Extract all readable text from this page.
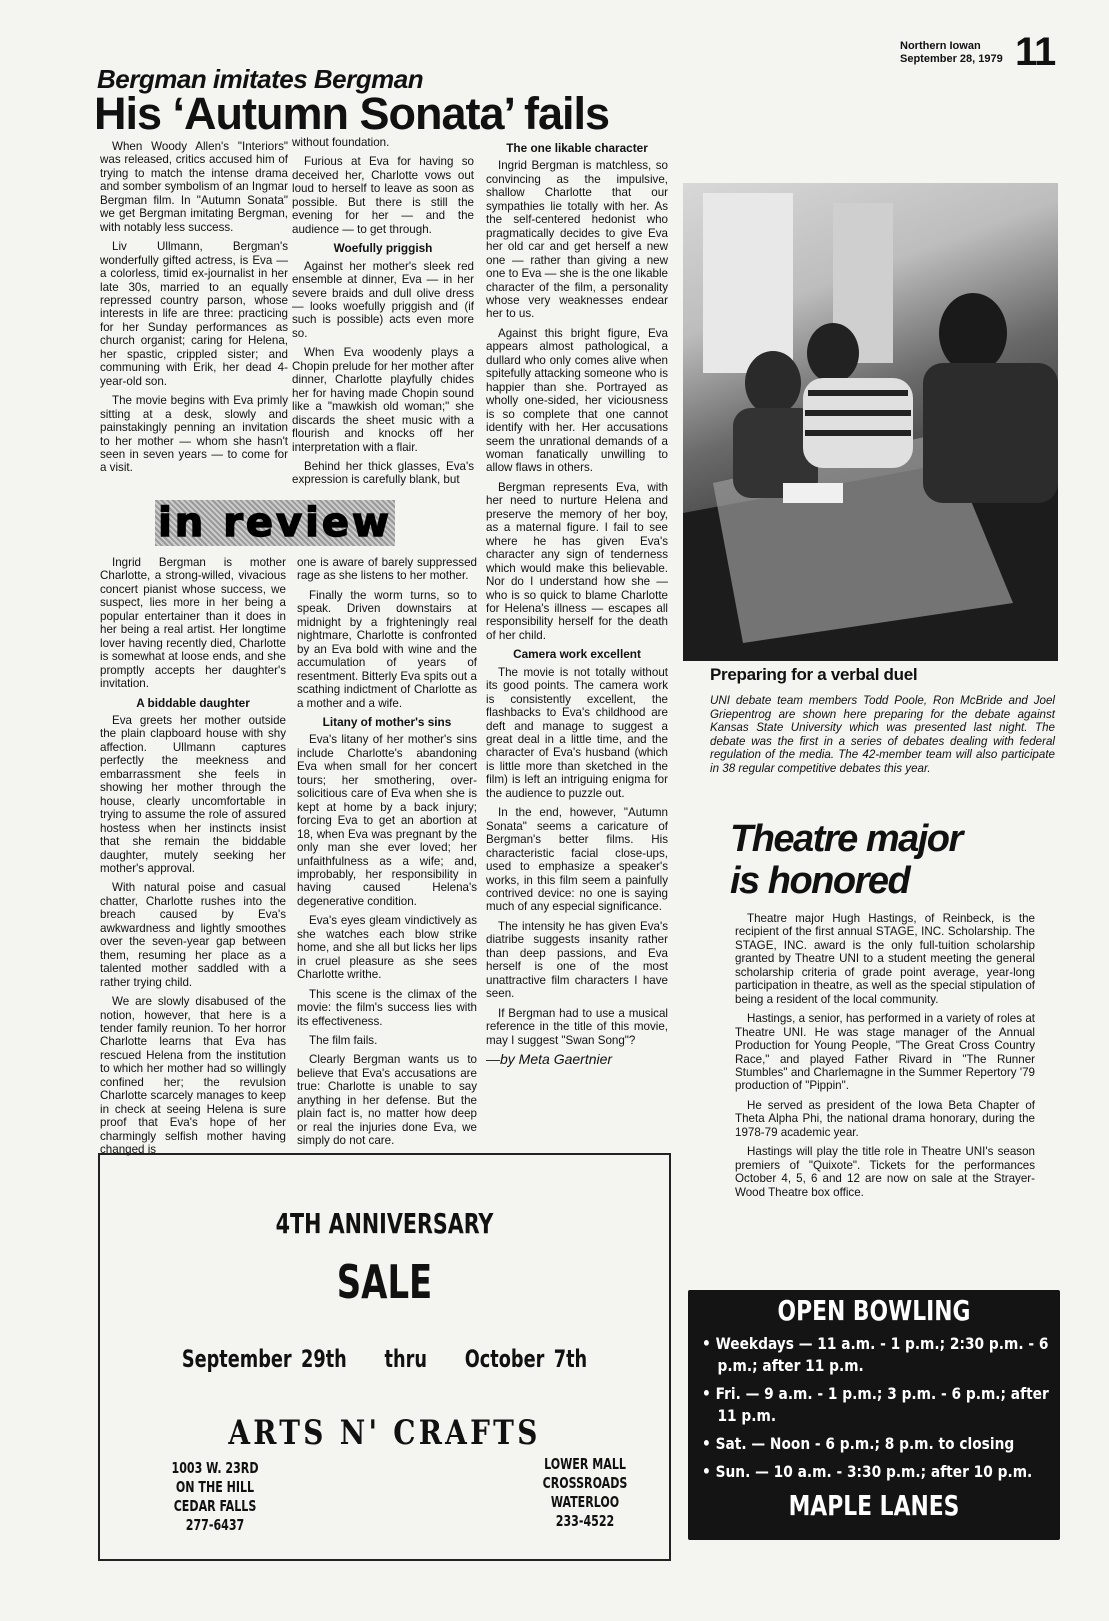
Northern Iowan
September 28, 1979 11
Bergman imitates Bergman
His ‘Autumn Sonata’ fails

When Woody Allen's "Interiors" was released, critics accused him of trying to match the intense drama and somber symbolism of an Ingmar Bergman film. In "Autumn Sonata" we get Bergman imitating Bergman, with notably less success.

Liv Ullmann, Bergman's wonderfully gifted actress, is Eva — a colorless, timid ex-journalist in her late 30s, married to an equally repressed country parson, whose interests in life are three: practicing for her Sunday performances as church organist; caring for Helena, her spastic, crippled sister; and communing with Erik, her dead 4-year-old son.

The movie begins with Eva primly sitting at a desk, slowly and painstakingly penning an invitation to her mother — whom she hasn't seen in seven years — to come for a visit.

without foundation.

Furious at Eva for having so deceived her, Charlotte vows out loud to herself to leave as soon as possible. But there is still the evening for her — and the audience — to get through.

Woefully priggish

Against her mother's sleek red ensemble at dinner, Eva — in her severe braids and dull olive dress — looks woefully priggish and (if such is possible) acts even more so.

When Eva woodenly plays a Chopin prelude for her mother after dinner, Charlotte playfully chides her for having made Chopin sound like a "mawkish old woman;" she discards the sheet music with a flourish and knocks off her interpretation with a flair.

Behind her thick glasses, Eva's expression is carefully blank, but

The one likable character

Ingrid Bergman is matchless, so convincing as the impulsive, shallow Charlotte that our sympathies lie totally with her. As the self-centered hedonist who pragmatically decides to give Eva her old car and get herself a new one — rather than giving a new one to Eva — she is the one likable character of the film, a personality whose very weaknesses endear her to us.

Against this bright figure, Eva appears almost pathological, a dullard who only comes alive when spitefully attacking someone who is happier than she. Portrayed as wholly one-sided, her viciousness is so complete that one cannot identify with her. Her accusations seem the unrational demands of a woman fanatically unwilling to allow flaws in others.

Bergman represents Eva, with her need to nurture Helena and preserve the memory of her boy, as a maternal figure. I fail to see where he has given Eva's character any sign of tenderness which would make this believable. Nor do I understand how she — who is so quick to blame Charlotte for Helena's illness — escapes all responsibility herself for the death of her child.

Camera work excellent

The movie is not totally without its good points. The camera work is consistently excellent, the flashbacks to Eva's childhood are deft and manage to suggest a great deal in a little time, and the character of Eva's husband (which is little more than sketched in the film) is left an intriguing enigma for the audience to puzzle out.

In the end, however, "Autumn Sonata" seems a caricature of Bergman's better films. His characteristic facial close-ups, used to emphasize a speaker's works, in this film seem a painfully contrived device: no one is saying much of any especial significance.

The intensity he has given Eva's diatribe suggests insanity rather than deep passions, and Eva herself is one of the most unattractive film characters I have seen.

If Bergman had to use a musical reference in the title of this movie, may I suggest "Swan Song"?

—by Meta Gaertnier

in review

Ingrid Bergman is mother Charlotte, a strong-willed, vivacious concert pianist whose success, we suspect, lies more in her being a popular entertainer than it does in her being a real artist. Her longtime lover having recently died, Charlotte is somewhat at loose ends, and she promptly accepts her daughter's invitation.

A biddable daughter

Eva greets her mother outside the plain clapboard house with shy affection. Ullmann captures perfectly the meekness and embarrassment she feels in showing her mother through the house, clearly uncomfortable in trying to assume the role of assured hostess when her instincts insist that she remain the biddable daughter, mutely seeking her mother's approval.

With natural poise and casual chatter, Charlotte rushes into the breach caused by Eva's awkwardness and lightly smoothes over the seven-year gap between them, resuming her place as a talented mother saddled with a rather trying child.

We are slowly disabused of the notion, however, that here is a tender family reunion. To her horror Charlotte learns that Eva has rescued Helena from the institution to which her mother had so willingly confined her; the revulsion Charlotte scarcely manages to keep in check at seeing Helena is sure proof that Eva's hope of her charmingly selfish mother having changed is

one is aware of barely suppressed rage as she listens to her mother.

Finally the worm turns, so to speak. Driven downstairs at midnight by a frighteningly real nightmare, Charlotte is confronted by an Eva bold with wine and the accumulation of years of resentment. Bitterly Eva spits out a scathing indictment of Charlotte as a mother and a wife.

Litany of mother's sins

Eva's litany of her mother's sins include Charlotte's abandoning Eva when small for her concert tours; her smothering, over-solicitious care of Eva when she is kept at home by a back injury; forcing Eva to get an abortion at 18, when Eva was pregnant by the only man she ever loved; her unfaithfulness as a wife; and, improbably, her responsibility in having caused Helena's degenerative condition.

Eva's eyes gleam vindictively as she watches each blow strike home, and she all but licks her lips in cruel pleasure as she sees Charlotte writhe.

This scene is the climax of the movie: the film's success lies with its effectiveness.

The film fails.

Clearly Bergman wants us to believe that Eva's accusations are true: Charlotte is unable to say anything in her defense. But the plain fact is, no matter how deep or real the injuries done Eva, we simply do not care.

Preparing for a verbal duel
UNI debate team members Todd Poole, Ron McBride and Joel Griepentrog are shown here preparing for the debate against Kansas State University which was presented last night. The debate was the first in a series of debates dealing with federal regulation of the media. The 42-member team will also participate in 38 regular competitive debates this year.
Theatre major
is honored

Theatre major Hugh Hastings, of Reinbeck, is the recipient of the first annual STAGE, INC. Scholarship. The STAGE, INC. award is the only full-tuition scholarship granted by Theatre UNI to a student meeting the general scholarship criteria of grade point average, year-long participation in theatre, as well as the special stipulation of being a resident of the local community.

Hastings, a senior, has performed in a variety of roles at Theatre UNI. He was stage manager of the Annual Production for Young People, "The Great Cross Country Race," and played Father Rivard in "The Runner Stumbles" and Charlemagne in the Summer Repertory '79 production of "Pippin".

He served as president of the Iowa Beta Chapter of Theta Alpha Phi, the national drama honorary, during the 1978-79 academic year.

Hastings will play the title role in Theatre UNI's season premiers of "Quixote". Tickets for the performances October 4, 5, 6 and 12 are now on sale at the Strayer-Wood Theatre box office.

4TH ANNIVERSARY
SALE
September 29th thru October 7th
ARTS N' CRAFTS
1003 W. 23RD
ON THE HILL
CEDAR FALLS
277-6437
LOWER MALL
CROSSROADS
WATERLOO
233-4522
OPEN BOWLING
• Weekdays — 11 a.m. - 1 p.m.; 2:30 p.m. - 6 p.m.; after 11 p.m.
• Fri. — 9 a.m. - 1 p.m.; 3 p.m. - 6 p.m.; after 11 p.m.
• Sat. — Noon - 6 p.m.; 8 p.m. to closing
• Sun. — 10 a.m. - 3:30 p.m.; after 10 p.m.
MAPLE LANES
